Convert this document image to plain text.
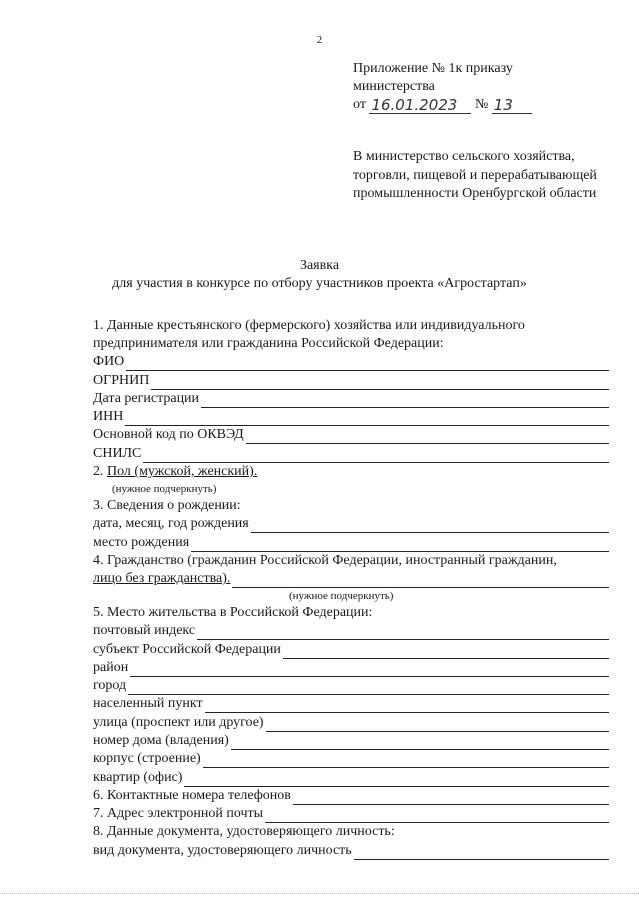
2
Приложение № 1к приказу
министерства
от
16.01.2023
	№
13
В министерство сельского хозяйства, торговли, пищевой и перерабатывающей промышленности Оренбургской области
Заявка
для участия в конкурсе по отбору участников проекта «Агростартап»
1. Данные крестьянского (фермерского) хозяйства или индивидуального предпринимателя или гражданина Российской Федерации:
ФИО
ОГРНИП
Дата регистрации
ИНН
Основной код по ОКВЭД
СНИЛС
2.
Пол (мужской, женский).
(нужное подчеркнуть)
3. Сведения о рождении:
дата, месяц, год рождения
место рождения
4. Гражданство (гражданин Российской Федерации, иностранный гражданин,
лицо без гражданства).
(нужное подчеркнуть)
5. Место жительства в Российской Федерации:
почтовый индекс
субъект Российской Федерации
район
город
населенный пункт
улица (проспект или другое)
номер дома (владения)
корпус (строение)
квартир (офис)
6. Контактные номера телефонов
7. Адрес электронной почты
8. Данные документа, удостоверяющего личность:
вид документа, удостоверяющего личность
